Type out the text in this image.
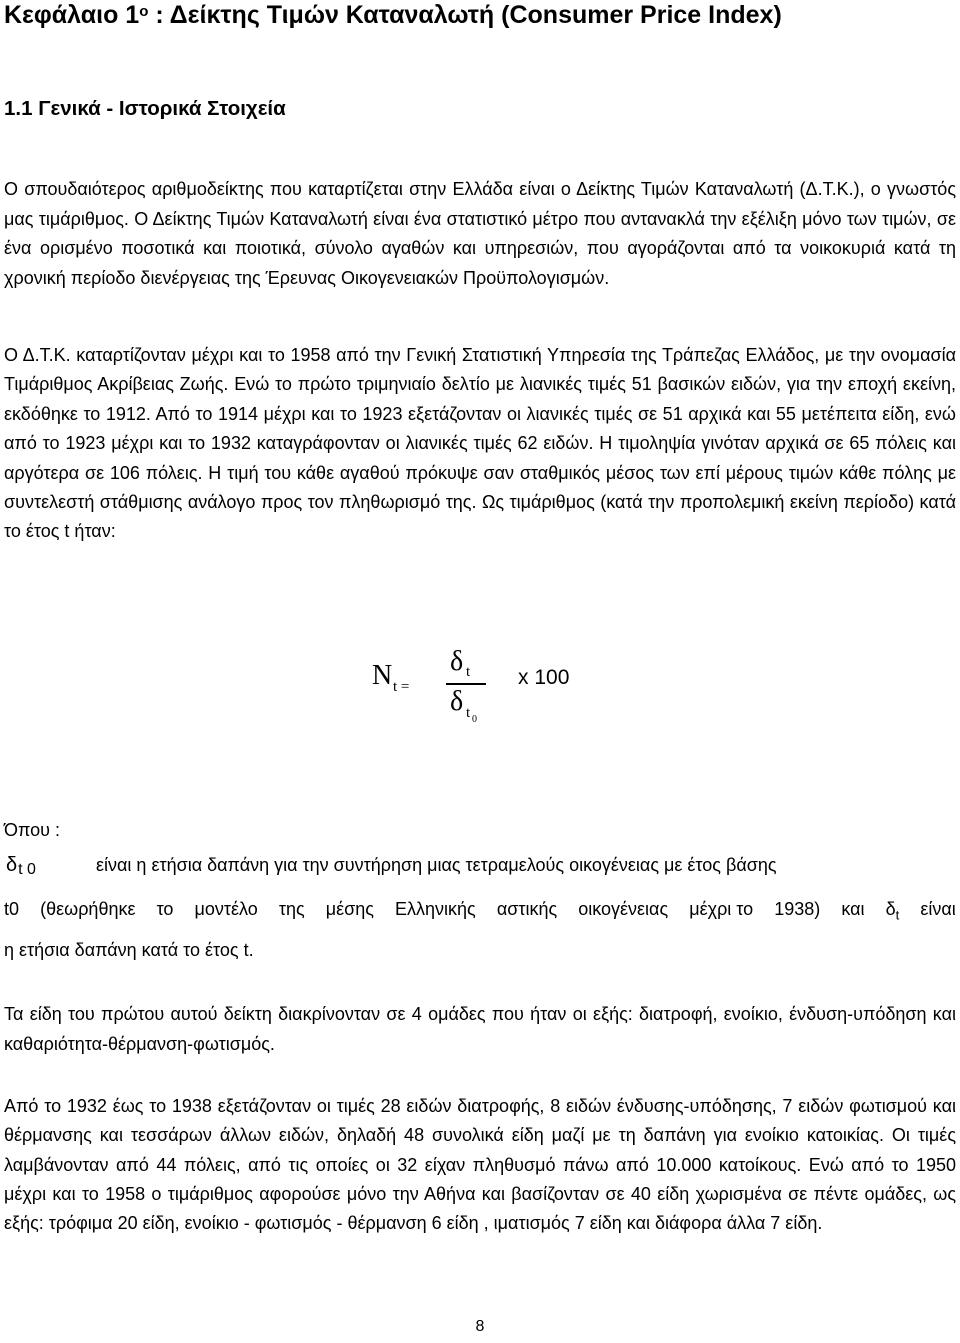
Κεφάλαιο $1^o$ : Δείκτης Τιμών Καταναλωτή (Consumer Price Index)
1.1 Γενικά - Ιστορικά Στοιχεία

Ο σπουδαιότερος αριθμοδείκτης που καταρτίζεται στην Ελλάδα είναι ο Δείκτης Τιμών Καταναλωτή (Δ.Τ.Κ.), ο γνωστός μας τιμάριθμος. Ο Δείκτης Τιμών Καταναλωτή είναι ένα στατιστικό μέτρο που αντανακλά την εξέλιξη μόνο των τιμών, σε ένα ορισμένο ποσοτικά και ποιοτικά, σύνολο αγαθών και υπηρεσιών, που αγοράζονται από τα νοικοκυριά κατά τη χρονική περίοδο διενέργειας της Έρευνας Οικογενειακών Προϋπολογισμών.

Ο Δ.Τ.Κ. καταρτίζονταν μέχρι και το 1958 από την Γενική Στατιστική Υπηρεσία της Τράπεζας Ελλάδος, με την ονομασία Τιμάριθμος Ακρίβειας Ζωής. Ενώ το πρώτο τριμηνιαίο δελτίο με λιανικές τιμές 51 βασικών ειδών, για την εποχή εκείνη, εκδόθηκε το 1912. Από το 1914 μέχρι και το 1923 εξετάζονταν οι λιανικές τιμές σε 51 αρχικά και 55 μετέπειτα είδη, ενώ από το 1923 μέχρι και το 1932 καταγράφονταν οι λιανικές τιμές 62 ειδών. Η τιμοληψία γινόταν αρχικά σε 65 πόλεις και αργότερα σε 106 πόλεις. Η τιμή του κάθε αγαθού πρόκυψε σαν σταθμικός μέσος των επί μέρους τιμών κάθε πόλης με συντελεστή στάθμισης ανάλογο προς τον πληθωρισμό της. Ως τιμάριθμος (κατά την προπολεμική εκείνη περίοδο) κατά το έτος t ήταν:

N t =
δ t
δ t 0
x 100
Όπου :
$\delta_{t 0}$	είναι η ετήσια δαπάνη για την συντήρηση μιας τετραμελούς οικογένειας με έτος βάσης
t0 (θεωρήθηκε το μοντέλο της μέσης Ελληνικής αστικής οικογένειας μέχρι το 1938) και $\delta_t$ είναι
η ετήσια δαπάνη κατά το έτος t.

Τα είδη του πρώτου αυτού δείκτη διακρίνονταν σε 4 ομάδες που ήταν οι εξής: διατροφή, ενοίκιο, ένδυση-υπόδηση και καθαριότητα-θέρμανση-φωτισμός.

Από το 1932 έως το 1938 εξετάζονταν οι τιμές 28 ειδών διατροφής, 8 ειδών ένδυσης-υπόδησης, 7 ειδών φωτισμού και θέρμανσης και τεσσάρων άλλων ειδών, δηλαδή 48 συνολικά είδη μαζί με τη δαπάνη για ενοίκιο κατοικίας. Οι τιμές λαμβάνονταν από 44 πόλεις, από τις οποίες οι 32 είχαν πληθυσμό πάνω από 10.000 κατοίκους. Ενώ από το 1950 μέχρι και το 1958 ο τιμάριθμος αφορούσε μόνο την Αθήνα και βασίζονταν σε 40 είδη χωρισμένα σε πέντε ομάδες, ως εξής: τρόφιμα 20 είδη, ενοίκιο - φωτισμός - θέρμανση 6 είδη , ιματισμός 7 είδη και διάφορα άλλα 7 είδη.

8
